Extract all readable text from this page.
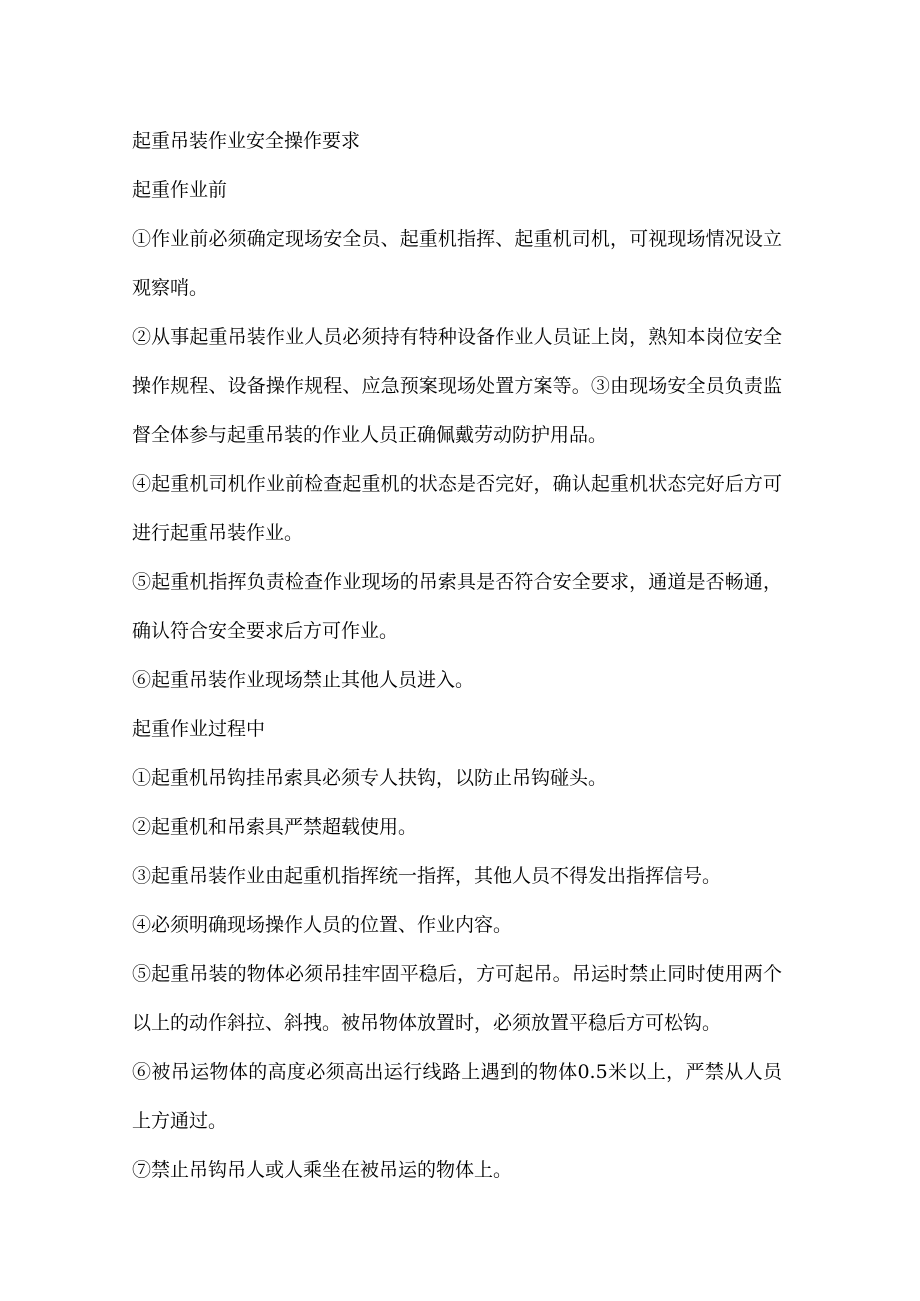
起重吊装作业安全操作要求

起重作业前

①作业前必须确定现场安全员、起重机指挥、起重机司机，可视现场情况设立观察哨。

②从事起重吊装作业人员必须持有特种设备作业人员证上岗，熟知本岗位安全操作规程、设备操作规程、应急预案现场处置方案等。③由现场安全员负责监督全体参与起重吊装的作业人员正确佩戴劳动防护用品。

④起重机司机作业前检查起重机的状态是否完好，确认起重机状态完好后方可进行起重吊装作业。

⑤起重机指挥负责检查作业现场的吊索具是否符合安全要求，通道是否畅通，确认符合安全要求后方可作业。

⑥起重吊装作业现场禁止其他人员进入。

起重作业过程中

①起重机吊钩挂吊索具必须专人扶钩，以防止吊钩碰头。

②起重机和吊索具严禁超载使用。

③起重吊装作业由起重机指挥统一指挥，其他人员不得发出指挥信号。

④必须明确现场操作人员的位置、作业内容。

⑤起重吊装的物体必须吊挂牢固平稳后，方可起吊。吊运时禁止同时使用两个以上的动作斜拉、斜拽。被吊物体放置时，必须放置平稳后方可松钩。

⑥被吊运物体的高度必须高出运行线路上遇到的物体0.5米以上，严禁从人员上方通过。

⑦禁止吊钩吊人或人乘坐在被吊运的物体上。
